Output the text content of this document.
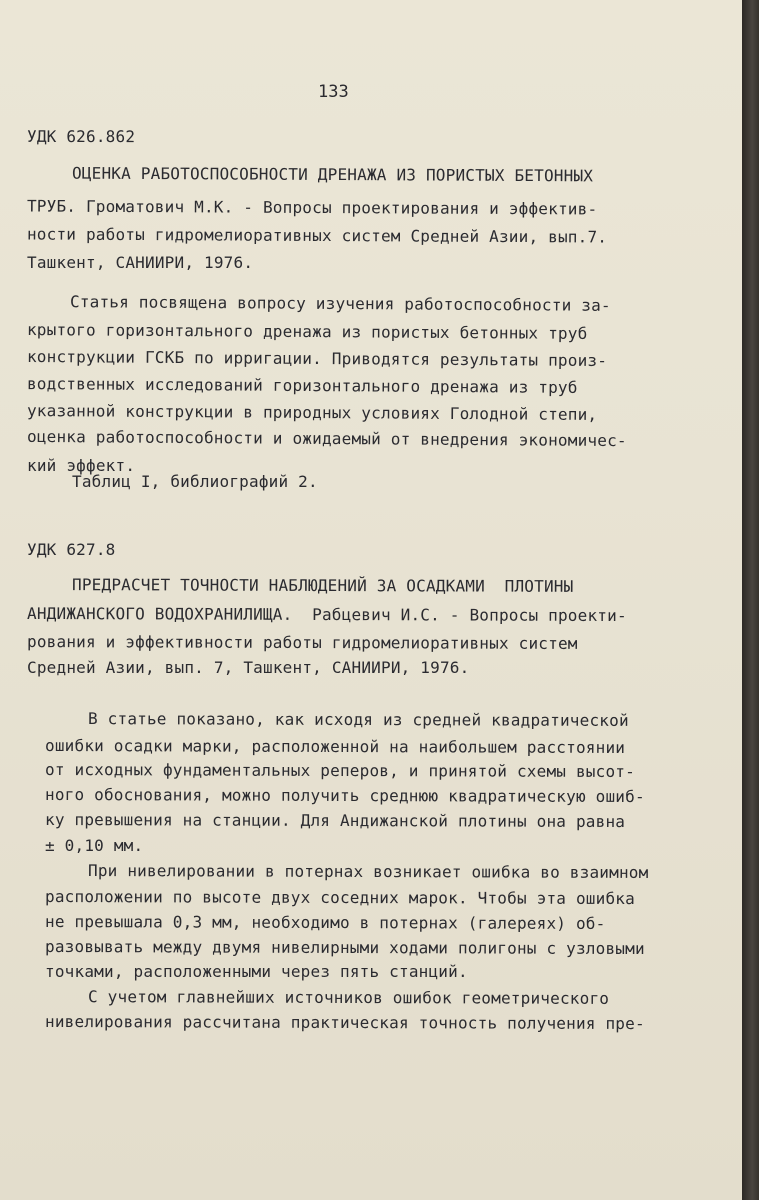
133
УДК 626.862
ОЦЕНКА РАБОТОСПОСОБНОСТИ ДРЕНАЖА ИЗ ПОРИСТЫХ БЕТОННЫХ
ТРУБ. Громатович М.К. - Вопросы проектирования и эффектив-
ности работы гидромелиоративных систем Средней Азии, вып.7.
Ташкент, САНИИРИ, 1976.
Статья посвящена вопросу изучения работоспособности за-
крытого горизонтального дренажа из пористых бетонных труб
конструкции ГСКБ по ирригации. Приводятся результаты произ-
водственных исследований горизонтального дренажа из труб
указанной конструкции в природных условиях Голодной степи,
оценка работоспособности и ожидаемый от внедрения экономичес-
кий эффект.
Таблиц I, библиографий 2.
УДК 627.8
ПРЕДРАСЧЕТ ТОЧНОСТИ НАБЛЮДЕНИЙ ЗА ОСАДКАМИ  ПЛОТИНЫ
АНДИЖАНСКОГО ВОДОХРАНИЛИЩА.  Рабцевич И.С. - Вопросы проекти-
рования и эффективности работы гидромелиоративных систем
Средней Азии, вып. 7, Ташкент, САНИИРИ, 1976.
В статье показано, как исходя из средней квадратической
ошибки осадки марки, расположенной на наибольшем расстоянии
от исходных фундаментальных реперов, и принятой схемы высот-
ного обоснования, можно получить среднюю квадратическую ошиб-
ку превышения на станции. Для Андижанской плотины она равна
± 0,10 мм.
При нивелировании в потернах возникает ошибка во взаимном
расположении по высоте двух соседних марок. Чтобы эта ошибка
не превышала 0,3 мм, необходимо в потернах (галереях) об-
разовывать между двумя нивелирными ходами полигоны с узловыми
точками, расположенными через пять станций.
С учетом главнейших источников ошибок геометрического
нивелирования рассчитана практическая точность получения пре-
